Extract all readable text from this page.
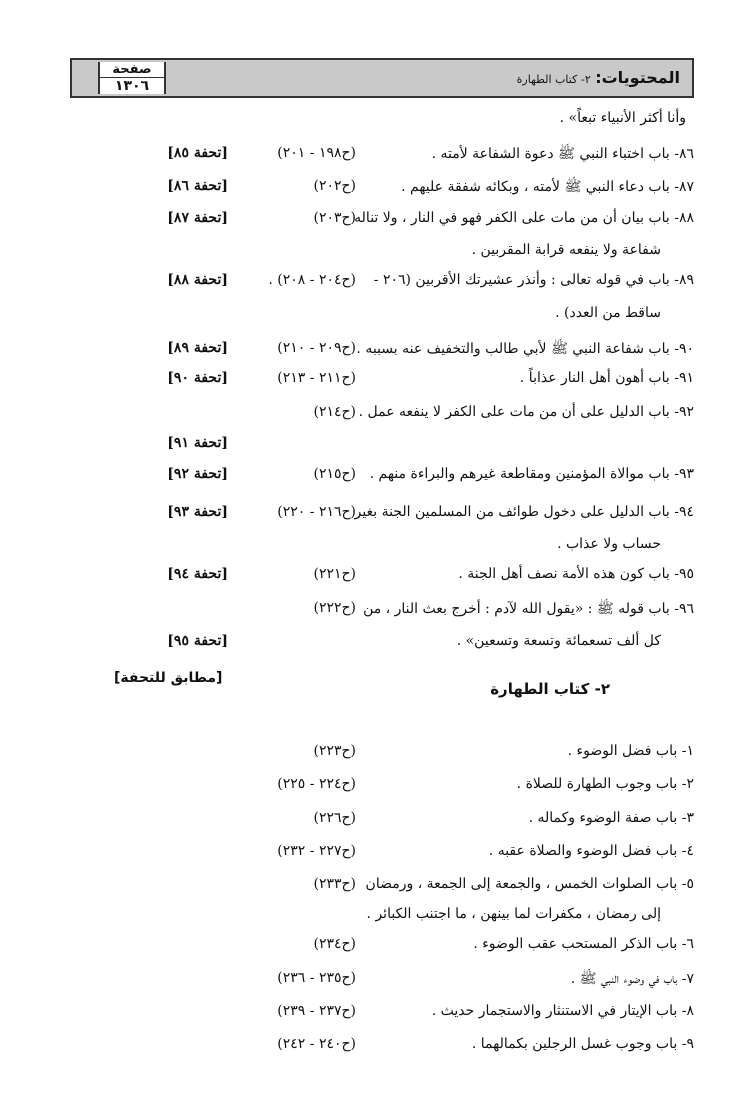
صفحة
١٣٠٦	المحتويات: ٢- كتاب الطهارة
وأنا أكثر الأنبياء تبعاً» .
٨٦- باب اختباء النبي ﷺ دعوة الشفاعة لأمته .
(ح١٩٨ - ٢٠١)
[تحفة ٨٥]
٨٧- باب دعاء النبي ﷺ لأمته ، وبكائه شفقة عليهم .
(ح٢٠٢)
[تحفة ٨٦]
٨٨- باب بيان أن من مات على الكفر فهو في النار ، ولا تناله
شفاعة ولا ينفعه قرابة المقربين .
(ح٢٠٣)
[تحفة ٨٧]
٨٩- باب في قوله تعالى : وأنذر عشيرتك الأقربين (٢٠٦ -
ساقط من العدد) .
(ح٢٠٤ - ٢٠٨) .
[تحفة ٨٨]
٩٠- باب شفاعة النبي ﷺ لأبي طالب والتخفيف عنه بسببه .
(ح٢٠٩ - ٢١٠)
[تحفة ٨٩]
٩١- باب أهون أهل النار عذاباً .
(ح٢١١ - ٢١٣)
[تحفة ٩٠]
٩٢- باب الدليل على أن من مات على الكفر لا ينفعه عمل .
(ح٢١٤)
[تحفة ٩١]
٩٣- باب موالاة المؤمنين ومقاطعة غيرهم والبراءة منهم .
(ح٢١٥)
[تحفة ٩٢]
٩٤- باب الدليل على دخول طوائف من المسلمين الجنة بغير
حساب ولا عذاب .
(ح٢١٦ - ٢٢٠)
[تحفة ٩٣]
٩٥- باب كون هذه الأمة نصف أهل الجنة .
(ح٢٢١)
[تحفة ٩٤]
٩٦- باب قوله ﷺ : «يقول الله لآدم : أخرج بعث النار ، من
كل ألف تسعمائة وتسعة وتسعين» .
(ح٢٢٢)
[تحفة ٩٥]
[مطابق للتحفة]
٢- كتاب الطهارة
١- باب فضل الوضوء .
(ح٢٢٣)
٢- باب وجوب الطهارة للصلاة .
(ح٢٢٤ - ٢٢٥)
٣- باب صفة الوضوء وكماله .
(ح٢٢٦)
٤- باب فضل الوضوء والصلاة عقبه .
(ح٢٢٧ - ٢٣٢)
٥- باب الصلوات الخمس ، والجمعة إلى الجمعة ، ورمضان
إلى رمضان ، مكفرات لما بينهن ، ما اجتنب الكبائر .
(ح٢٣٣)
٦- باب الذكر المستحب عقب الوضوء .
(ح٢٣٤)
٧- باب في وضوء النبي ﷺ .
(ح٢٣٥ - ٢٣٦)
٨- باب الإيتار في الاستنثار والاستجمار حديث .
(ح٢٣٧ - ٢٣٩)
٩- باب وجوب غسل الرجلين بكمالهما .
(ح٢٤٠ - ٢٤٢)
